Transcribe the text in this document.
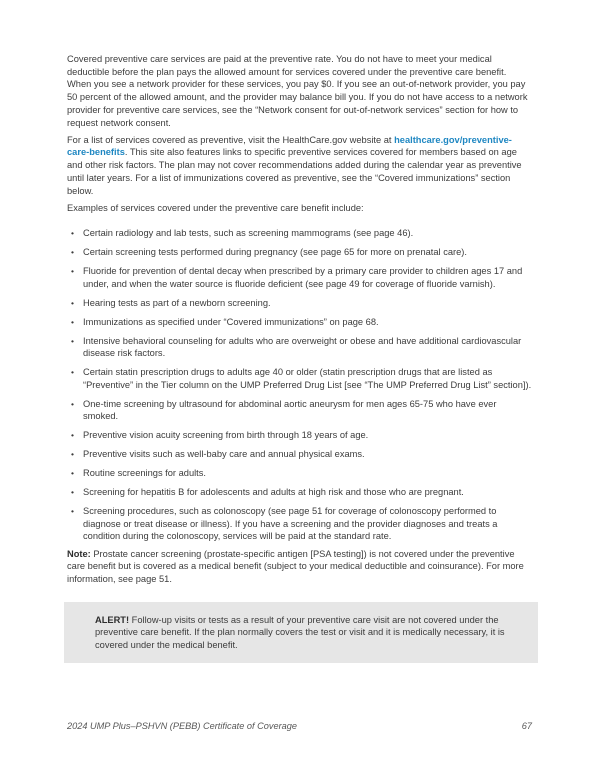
Covered preventive care services are paid at the preventive rate. You do not have to meet your medical deductible before the plan pays the allowed amount for services covered under the preventive care benefit. When you see a network provider for these services, you pay $0. If you see an out-of-network provider, you pay 50 percent of the allowed amount, and the provider may balance bill you. If you do not have access to a network provider for preventive care services, see the “Network consent for out-of-network services” section for how to request network consent.

For a list of services covered as preventive, visit the HealthCare.gov website at healthcare.gov/preventive-care-benefits. This site also features links to specific preventive services covered for members based on age and other risk factors. The plan may not cover recommendations added during the calendar year as preventive until later years. For a list of immunizations covered as preventive, see the “Covered immunizations” section below.

Examples of services covered under the preventive care benefit include:

• Certain radiology and lab tests, such as screening mammograms (see page 46).
• Certain screening tests performed during pregnancy (see page 65 for more on prenatal care).
• Fluoride for prevention of dental decay when prescribed by a primary care provider to children ages 17 and under, and when the water source is fluoride deficient (see page 49 for coverage of fluoride varnish).
• Hearing tests as part of a newborn screening.
• Immunizations as specified under “Covered immunizations” on page 68.
• Intensive behavioral counseling for adults who are overweight or obese and have additional cardiovascular disease risk factors.
• Certain statin prescription drugs to adults age 40 or older (statin prescription drugs that are listed as “Preventive” in the Tier column on the UMP Preferred Drug List [see “The UMP Preferred Drug List” section]).
• One-time screening by ultrasound for abdominal aortic aneurysm for men ages 65-75 who have ever smoked.
• Preventive vision acuity screening from birth through 18 years of age.
• Preventive visits such as well-baby care and annual physical exams.
• Routine screenings for adults.
• Screening for hepatitis B for adolescents and adults at high risk and those who are pregnant.
• Screening procedures, such as colonoscopy (see page 51 for coverage of colonoscopy performed to diagnose or treat disease or illness). If you have a screening and the provider diagnoses and treats a condition during the colonoscopy, services will be paid at the standard rate.

Note: Prostate cancer screening (prostate-specific antigen [PSA testing]) is not covered under the preventive care benefit but is covered as a medical benefit (subject to your medical deductible and coinsurance). For more information, see page 51.

ALERT! Follow-up visits or tests as a result of your preventive care visit are not covered under the preventive care benefit. If the plan normally covers the test or visit and it is medically necessary, it is covered under the medical benefit.
2024 UMP Plus–PSHVN (PEBB) Certificate of Coverage	67
